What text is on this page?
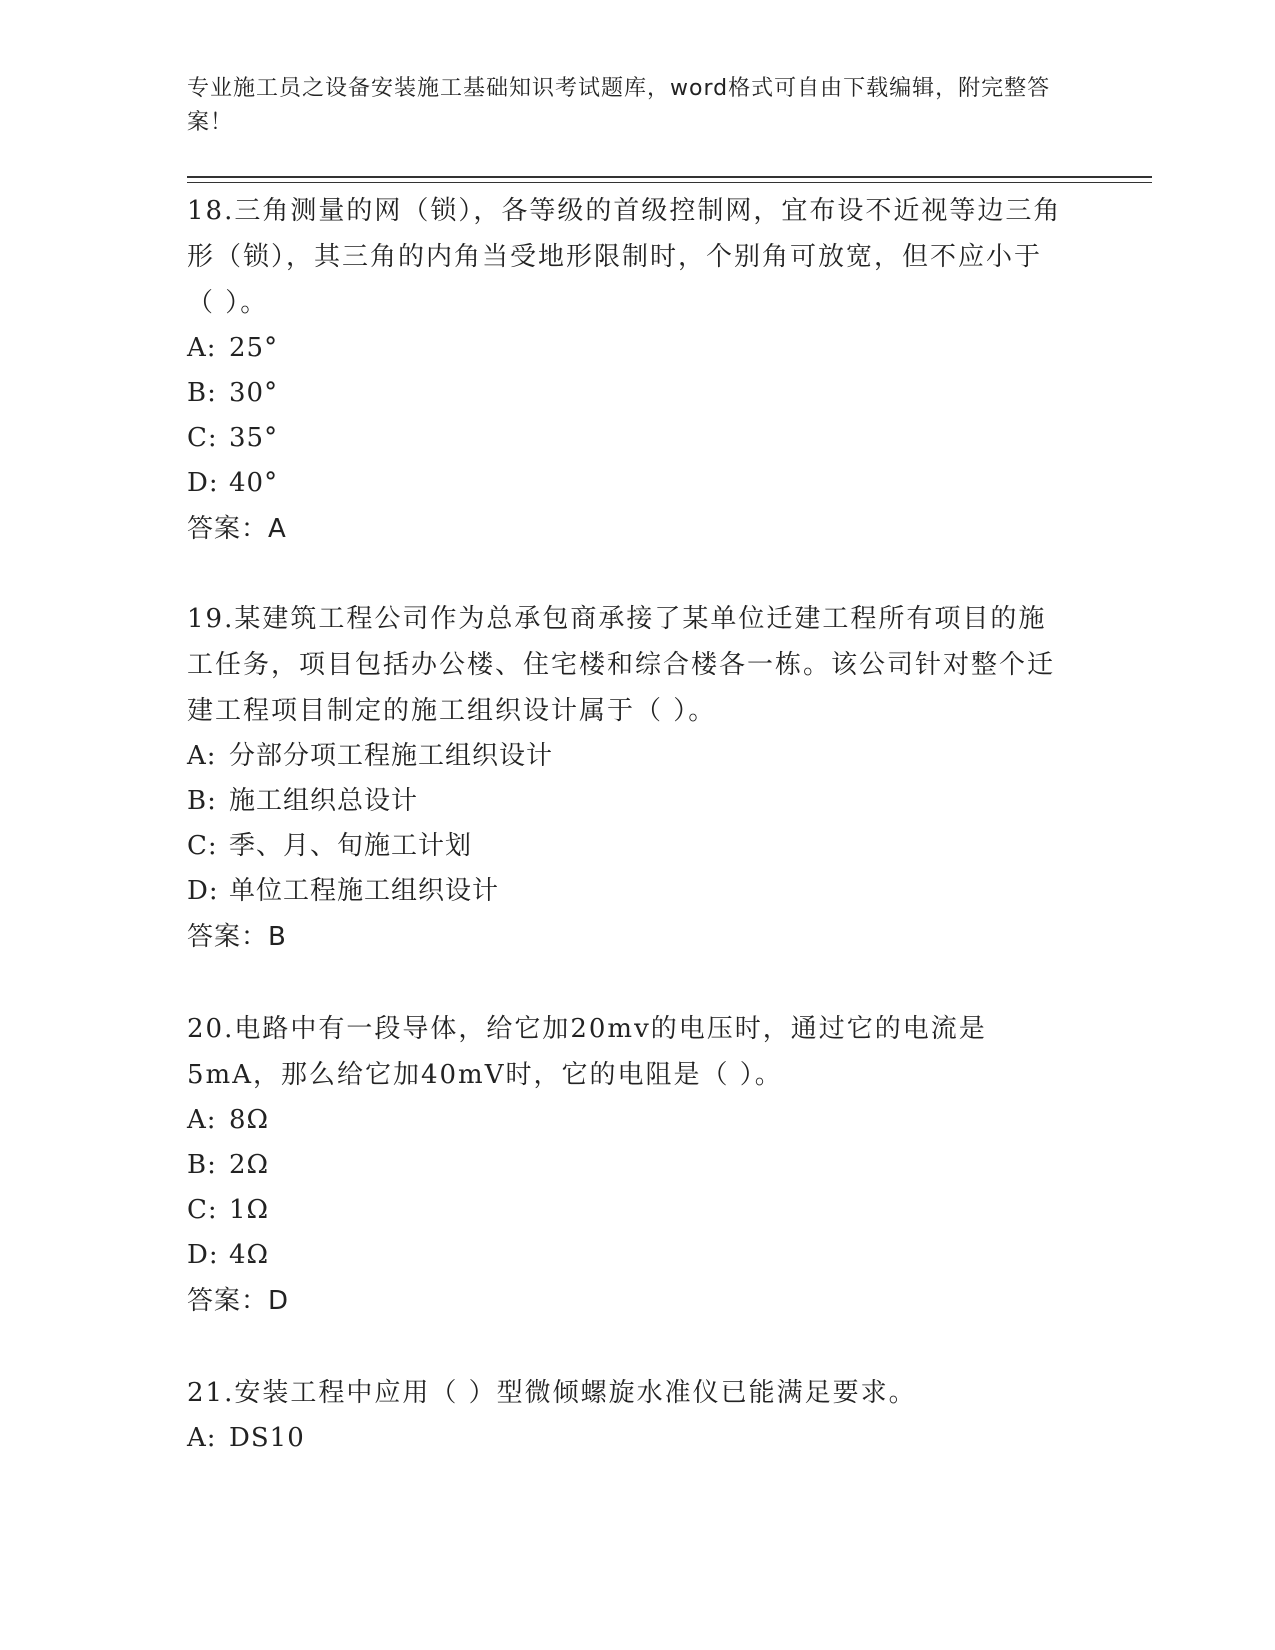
专业施工员之设备安装施工基础知识考试题库，word格式可自由下载编辑，附完整答案！

18.三角测量的网（锁），各等级的首级控制网，宜布设不近视等边三角形（锁），其三角的内角当受地形限制时，个别角可放宽，但不应小于（ ）。

A: 25°

B: 30°

C: 35°

D: 40°

答案：A

19.某建筑工程公司作为总承包商承接了某单位迁建工程所有项目的施工任务，项目包括办公楼、住宅楼和综合楼各一栋。该公司针对整个迁建工程项目制定的施工组织设计属于（ ）。

A: 分部分项工程施工组织设计

B: 施工组织总设计

C: 季、月、旬施工计划

D: 单位工程施工组织设计

答案：B

20.电路中有一段导体，给它加20mv的电压时，通过它的电流是5mA，那么给它加40mV时，它的电阻是（ ）。

A: 8Ω

B: 2Ω

C: 1Ω

D: 4Ω

答案：D

21.安装工程中应用（ ）型微倾螺旋水准仪已能满足要求。

A: DS10
